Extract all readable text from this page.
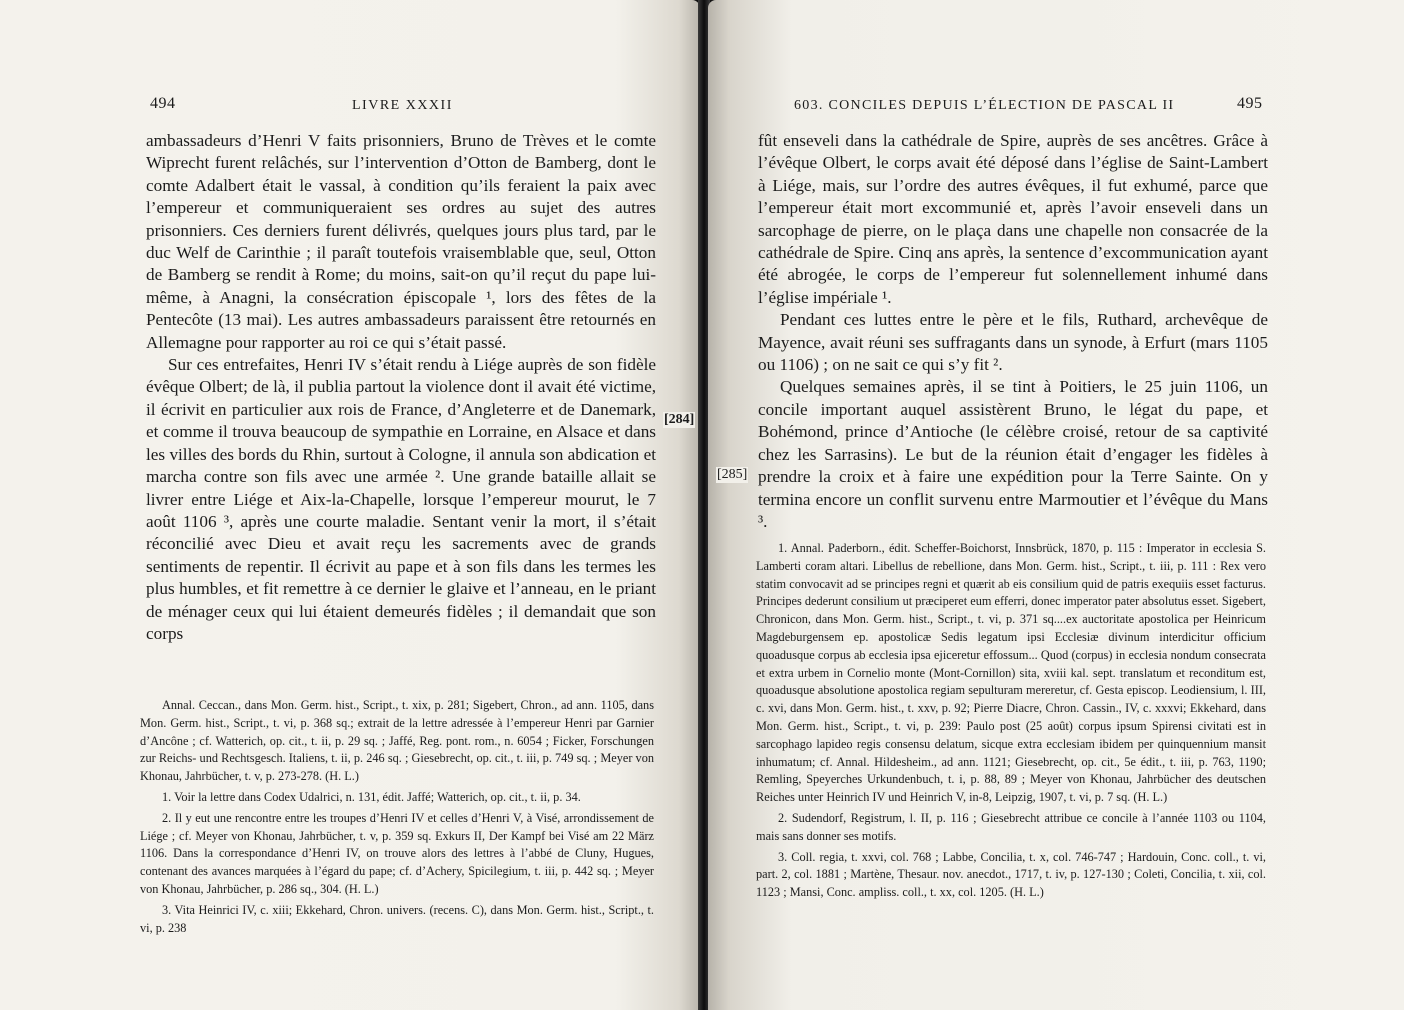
494	LIVRE XXXII

ambassadeurs d’Henri V faits prisonniers, Bruno de Trèves et le comte Wiprecht furent relâchés, sur l’intervention d’Otton de Bamberg, dont le comte Adalbert était le vassal, à condition qu’ils feraient la paix avec l’empereur et communiqueraient ses ordres au sujet des autres prisonniers. Ces derniers furent délivrés, quelques jours plus tard, par le duc Welf de Carinthie ; il paraît toutefois vraisemblable que, seul, Otton de Bamberg se rendit à Rome; du moins, sait-on qu’il reçut du pape lui-même, à Anagni, la consécration épiscopale ¹, lors des fêtes de la Pentecôte (13 mai). Les autres ambassadeurs paraissent être retournés en Allemagne pour rapporter au roi ce qui s’était passé.

Sur ces entrefaites, Henri IV s’était rendu à Liége auprès de son fidèle évêque Olbert; de là, il publia partout la violence dont il avait été victime, il écrivit en particulier aux rois de France, d’Angleterre et de Danemark, et comme il trouva beaucoup de sympathie en Lorraine, en Alsace et dans les villes des bords du Rhin, surtout à Cologne, il annula son abdication et marcha contre son fils avec une armée ². Une grande bataille allait se livrer entre Liége et Aix-la-Chapelle, lorsque l’empereur mourut, le 7 août 1106 ³, après une courte maladie. Sentant venir la mort, il s’était réconcilié avec Dieu et avait reçu les sacrements avec de grands sentiments de repentir. Il écrivit au pape et à son fils dans les termes les plus humbles, et fit remettre à ce dernier le glaive et l’anneau, en le priant de ménager ceux qui lui étaient demeurés fidèles ; il demandait que son corps

[284]

Annal. Ceccan., dans Mon. Germ. hist., Script., t. xix, p. 281; Sigebert, Chron., ad ann. 1105, dans Mon. Germ. hist., Script., t. vi, p. 368 sq.; extrait de la lettre adressée à l’empereur Henri par Garnier d’Ancône ; cf. Watterich, op. cit., t. ii, p. 29 sq. ; Jaffé, Reg. pont. rom., n. 6054 ; Ficker, Forschungen zur Reichs- und Rechtsgesch. Italiens, t. ii, p. 246 sq. ; Giesebrecht, op. cit., t. iii, p. 749 sq. ; Meyer von Khonau, Jahrbücher, t. v, p. 273-278. (H. L.)

1. Voir la lettre dans Codex Udalrici, n. 131, édit. Jaffé; Watterich, op. cit., t. ii, p. 34.

2. Il y eut une rencontre entre les troupes d’Henri IV et celles d’Henri V, à Visé, arrondissement de Liége ; cf. Meyer von Khonau, Jahrbücher, t. v, p. 359 sq. Exkurs II, Der Kampf bei Visé am 22 März 1106. Dans la correspondance d’Henri IV, on trouve alors des lettres à l’abbé de Cluny, Hugues, contenant des avances marquées à l’égard du pape; cf. d’Achery, Spicilegium, t. iii, p. 442 sq. ; Meyer von Khonau, Jahrbücher, p. 286 sq., 304. (H. L.)

3. Vita Heinrici IV, c. xiii; Ekkehard, Chron. univers. (recens. C), dans Mon. Germ. hist., Script., t. vi, p. 238

603. CONCILES DEPUIS L’ÉLECTION DE PASCAL II	495

fût enseveli dans la cathédrale de Spire, auprès de ses ancêtres. Grâce à l’évêque Olbert, le corps avait été déposé dans l’église de Saint-Lambert à Liége, mais, sur l’ordre des autres évêques, il fut exhumé, parce que l’empereur était mort excommunié et, après l’avoir enseveli dans un sarcophage de pierre, on le plaça dans une chapelle non consacrée de la cathédrale de Spire. Cinq ans après, la sentence d’excommunication ayant été abrogée, le corps de l’empereur fut solennellement inhumé dans l’église impériale ¹.

Pendant ces luttes entre le père et le fils, Ruthard, archevêque de Mayence, avait réuni ses suffragants dans un synode, à Erfurt (mars 1105 ou 1106) ; on ne sait ce qui s’y fit ².

Quelques semaines après, il se tint à Poitiers, le 25 juin 1106, un concile important auquel assistèrent Bruno, le légat du pape, et Bohémond, prince d’Antioche (le célèbre croisé, retour de sa captivité chez les Sarrasins). Le but de la réunion était d’engager les fidèles à prendre la croix et à faire une expédition pour la Terre Sainte. On y termina encore un conflit survenu entre Marmoutier et l’évêque du Mans ³.

[285]

1. Annal. Paderborn., édit. Scheffer-Boichorst, Innsbrück, 1870, p. 115 : Imperator in ecclesia S. Lamberti coram altari. Libellus de rebellione, dans Mon. Germ. hist., Script., t. iii, p. 111 : Rex vero statim convocavit ad se principes regni et quærit ab eis consilium quid de patris exequiis esset facturus. Principes dederunt consilium ut præciperet eum efferri, donec imperator pater absolutus esset. Sigebert, Chronicon, dans Mon. Germ. hist., Script., t. vi, p. 371 sq....ex auctoritate apostolica per Heinricum Magdeburgensem ep. apostolicæ Sedis legatum ipsi Ecclesiæ divinum interdicitur officium quoadusque corpus ab ecclesia ipsa ejiceretur effossum... Quod (corpus) in ecclesia nondum consecrata et extra urbem in Cornelio monte (Mont-Cornillon) sita, xviii kal. sept. translatum et reconditum est, quoadusque absolutione apostolica regiam sepulturam mereretur, cf. Gesta episcop. Leodiensium, l. III, c. xvi, dans Mon. Germ. hist., t. xxv, p. 92; Pierre Diacre, Chron. Cassin., IV, c. xxxvi; Ekkehard, dans Mon. Germ. hist., Script., t. vi, p. 239: Paulo post (25 août) corpus ipsum Spirensi civitati est in sarcophago lapideo regis consensu delatum, sicque extra ecclesiam ibidem per quinquennium mansit inhumatum; cf. Annal. Hildesheim., ad ann. 1121; Giesebrecht, op. cit., 5e édit., t. iii, p. 763, 1190; Remling, Speyerches Urkundenbuch, t. i, p. 88, 89 ; Meyer von Khonau, Jahrbücher des deutschen Reiches unter Heinrich IV und Heinrich V, in-8, Leipzig, 1907, t. vi, p. 7 sq. (H. L.)

2. Sudendorf, Registrum, l. II, p. 116 ; Giesebrecht attribue ce concile à l’année 1103 ou 1104, mais sans donner ses motifs.

3. Coll. regia, t. xxvi, col. 768 ; Labbe, Concilia, t. x, col. 746-747 ; Hardouin, Conc. coll., t. vi, part. 2, col. 1881 ; Martène, Thesaur. nov. anecdot., 1717, t. iv, p. 127-130 ; Coleti, Concilia, t. xii, col. 1123 ; Mansi, Conc. ampliss. coll., t. xx, col. 1205. (H. L.)
